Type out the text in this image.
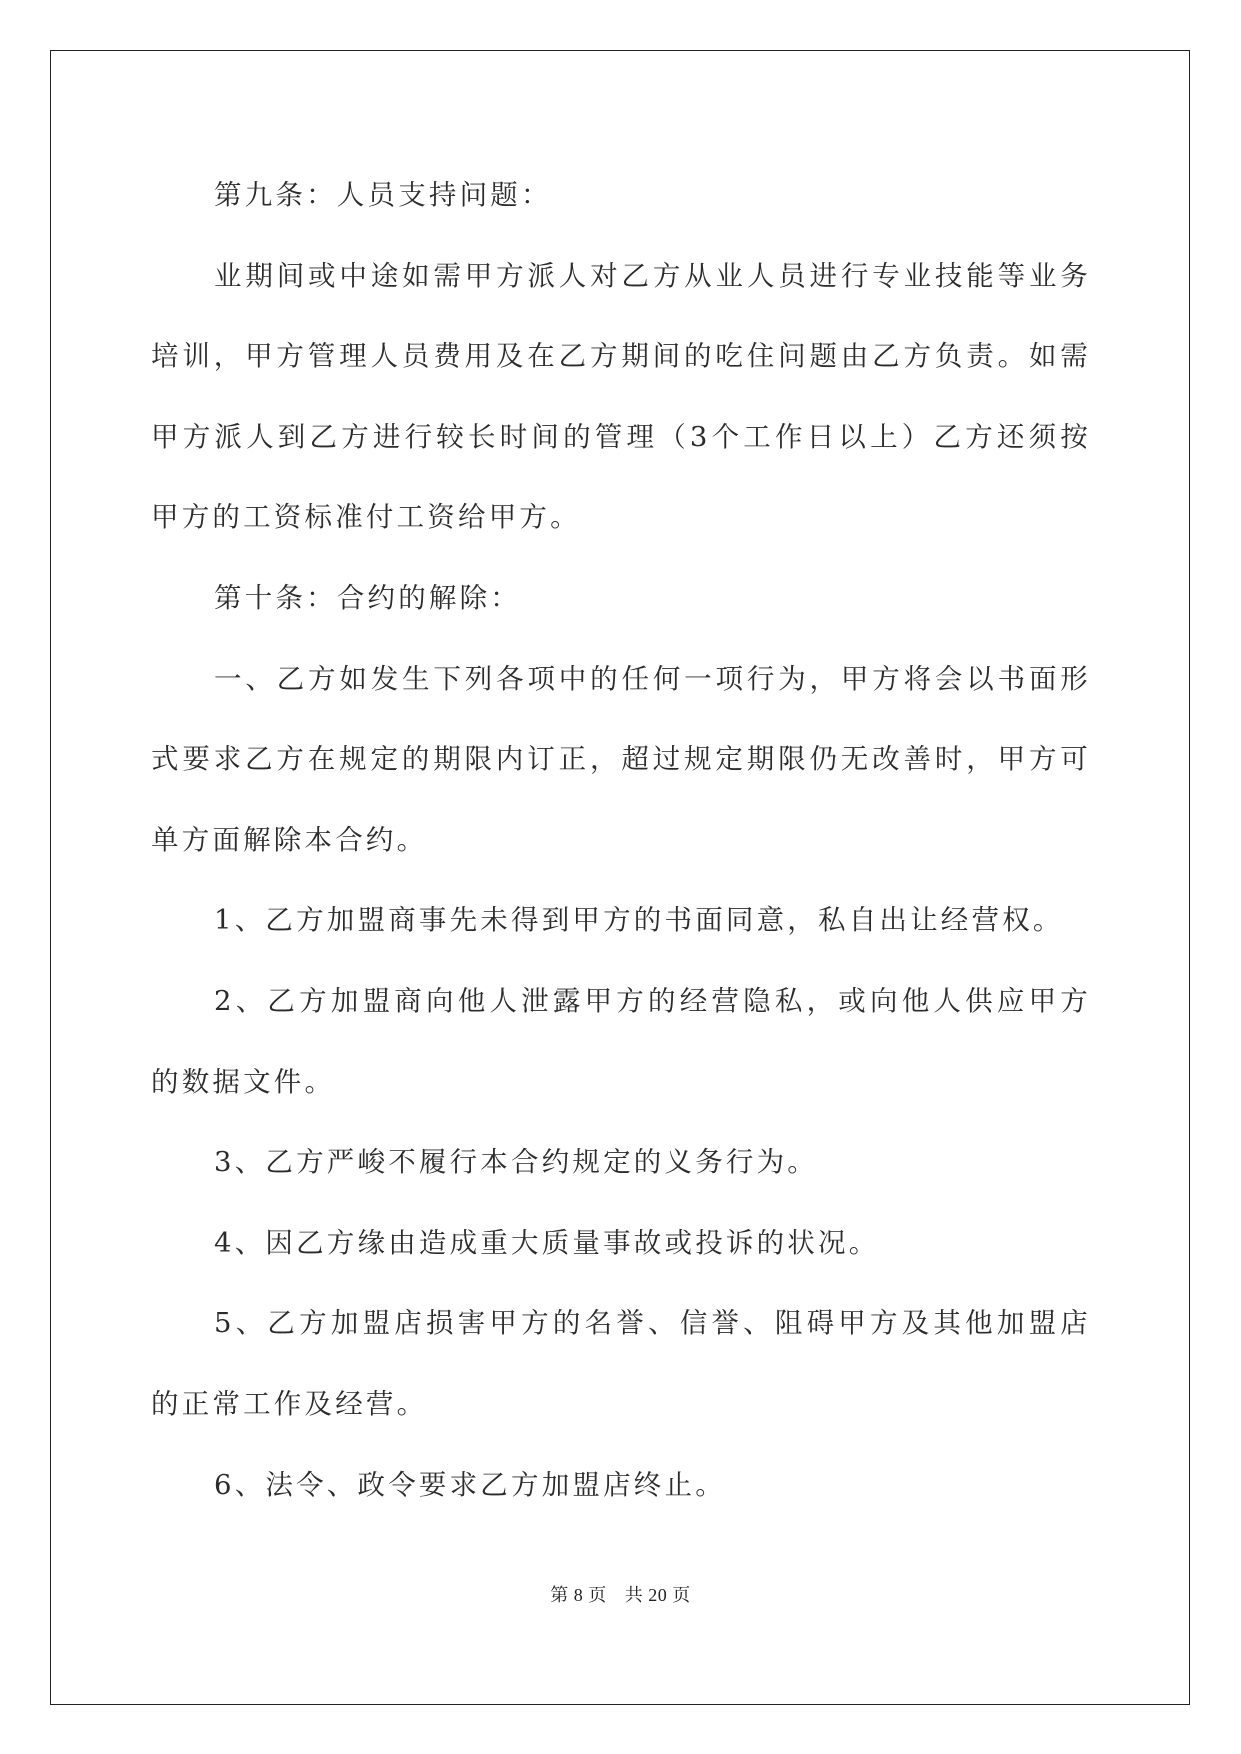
第九条：人员支持问题：

业期间或中途如需甲方派人对乙方从业人员进行专业技能等业务培训，甲方管理人员费用及在乙方期间的吃住问题由乙方负责。如需甲方派人到乙方进行较长时间的管理（3个工作日以上）乙方还须按甲方的工资标准付工资给甲方。

第十条：合约的解除：

一、乙方如发生下列各项中的任何一项行为，甲方将会以书面形式要求乙方在规定的期限内订正，超过规定期限仍无改善时，甲方可单方面解除本合约。

1、乙方加盟商事先未得到甲方的书面同意，私自出让经营权。

2、乙方加盟商向他人泄露甲方的经营隐私，或向他人供应甲方的数据文件。

3、乙方严峻不履行本合约规定的义务行为。

4、因乙方缘由造成重大质量事故或投诉的状况。

5、乙方加盟店损害甲方的名誉、信誉、阻碍甲方及其他加盟店的正常工作及经营。

6、法令、政令要求乙方加盟店终止。

第 8 页 共 20 页
